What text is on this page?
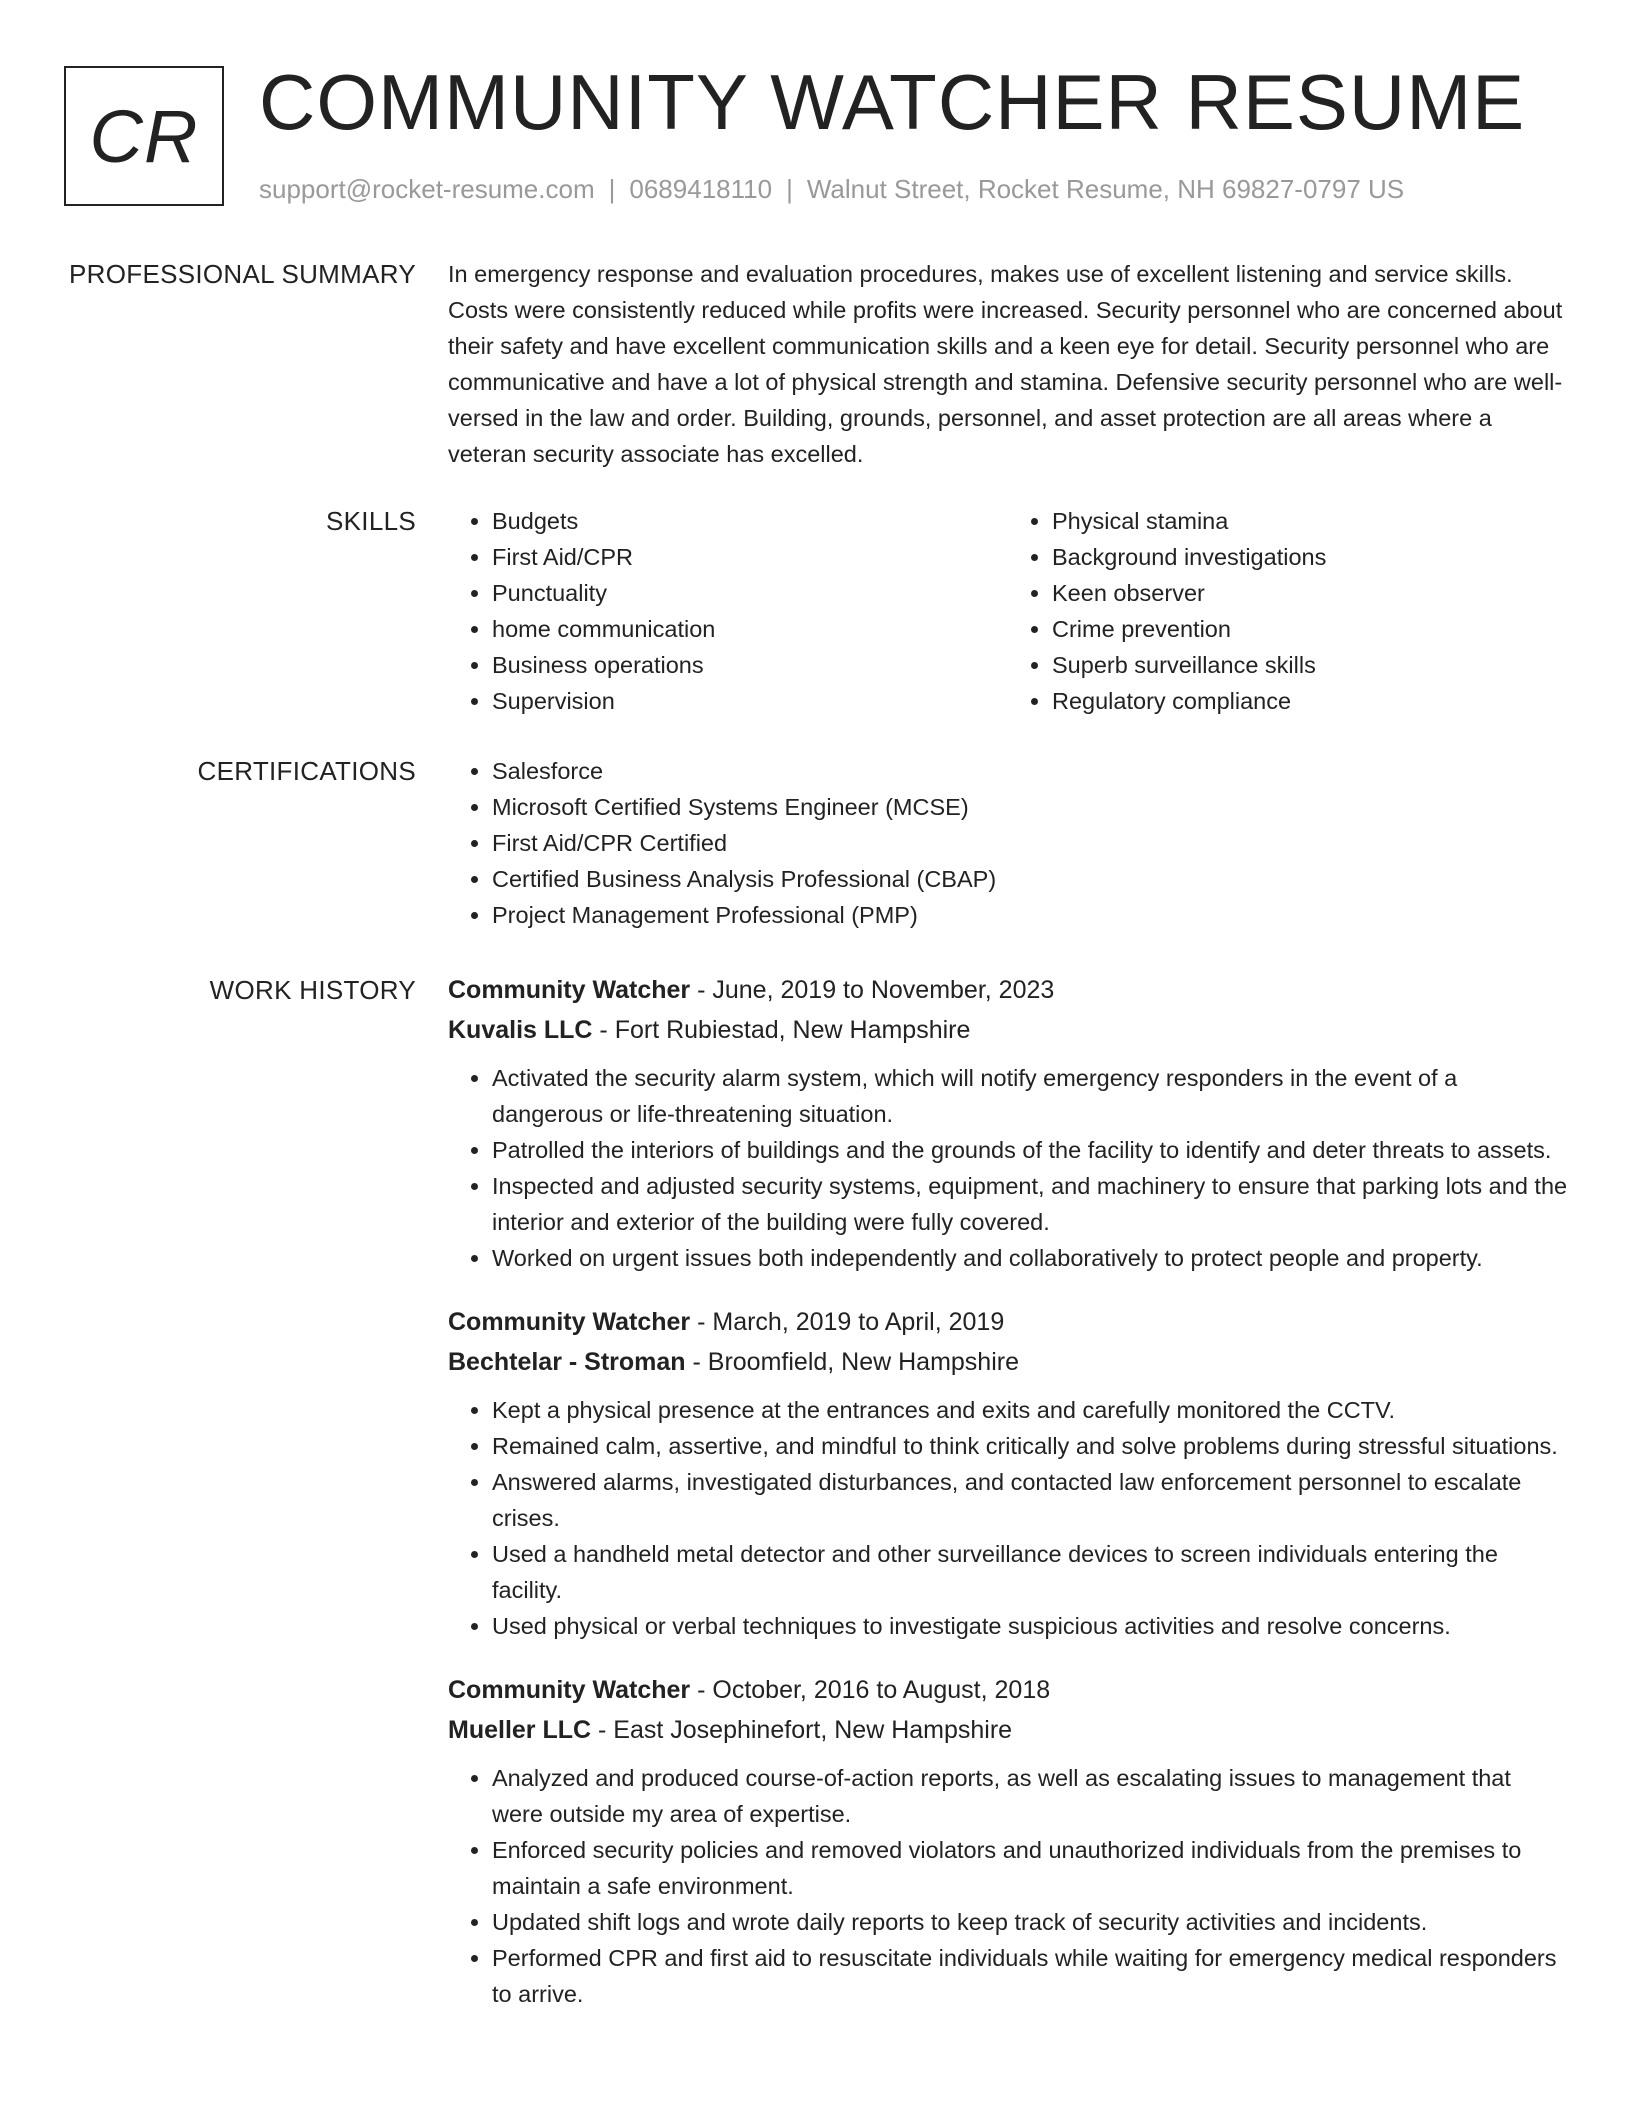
CR COMMUNITY WATCHER RESUME
support@rocket-resume.com | 0689418110 | Walnut Street, Rocket Resume, NH 69827-0797 US
PROFESSIONAL SUMMARY In emergency response and evaluation procedures, makes use of excellent listening and service skills. Costs were consistently reduced while profits were increased. Security personnel who are concerned about their safety and have excellent communication skills and a keen eye for detail. Security personnel who are communicative and have a lot of physical strength and stamina. Defensive security personnel who are well-versed in the law and order. Building, grounds, personnel, and asset protection are all areas where a veteran security associate has excelled.

SKILLS	• Budgets
• First Aid/CPR
• Punctuality
• home communication
• Business operations
• Supervision
• Physical stamina
• Background investigations
• Keen observer
• Crime prevention
• Superb surveillance skills
• Regulatory compliance
CERTIFICATIONS	• Salesforce
• Microsoft Certified Systems Engineer (MCSE)
• First Aid/CPR Certified
• Certified Business Analysis Professional (CBAP)
• Project Management Professional (PMP)
WORK HISTORY Community Watcher - June, 2019 to November, 2023
Kuvalis LLC - Fort Rubiestad, New Hampshire
• Activated the security alarm system, which will notify emergency responders in the event of a dangerous or life-threatening situation.
• Patrolled the interiors of buildings and the grounds of the facility to identify and deter threats to assets.
• Inspected and adjusted security systems, equipment, and machinery to ensure that parking lots and the interior and exterior of the building were fully covered.
• Worked on urgent issues both independently and collaboratively to protect people and property.
Community Watcher - March, 2019 to April, 2019
Bechtelar - Stroman - Broomfield, New Hampshire
• Kept a physical presence at the entrances and exits and carefully monitored the CCTV.
• Remained calm, assertive, and mindful to think critically and solve problems during stressful situations.
• Answered alarms, investigated disturbances, and contacted law enforcement personnel to escalate crises.
• Used a handheld metal detector and other surveillance devices to screen individuals entering the facility.
• Used physical or verbal techniques to investigate suspicious activities and resolve concerns.
Community Watcher - October, 2016 to August, 2018
Mueller LLC - East Josephinefort, New Hampshire
• Analyzed and produced course-of-action reports, as well as escalating issues to management that were outside my area of expertise.
• Enforced security policies and removed violators and unauthorized individuals from the premises to maintain a safe environment.
• Updated shift logs and wrote daily reports to keep track of security activities and incidents.
• Performed CPR and first aid to resuscitate individuals while waiting for emergency medical responders to arrive.
